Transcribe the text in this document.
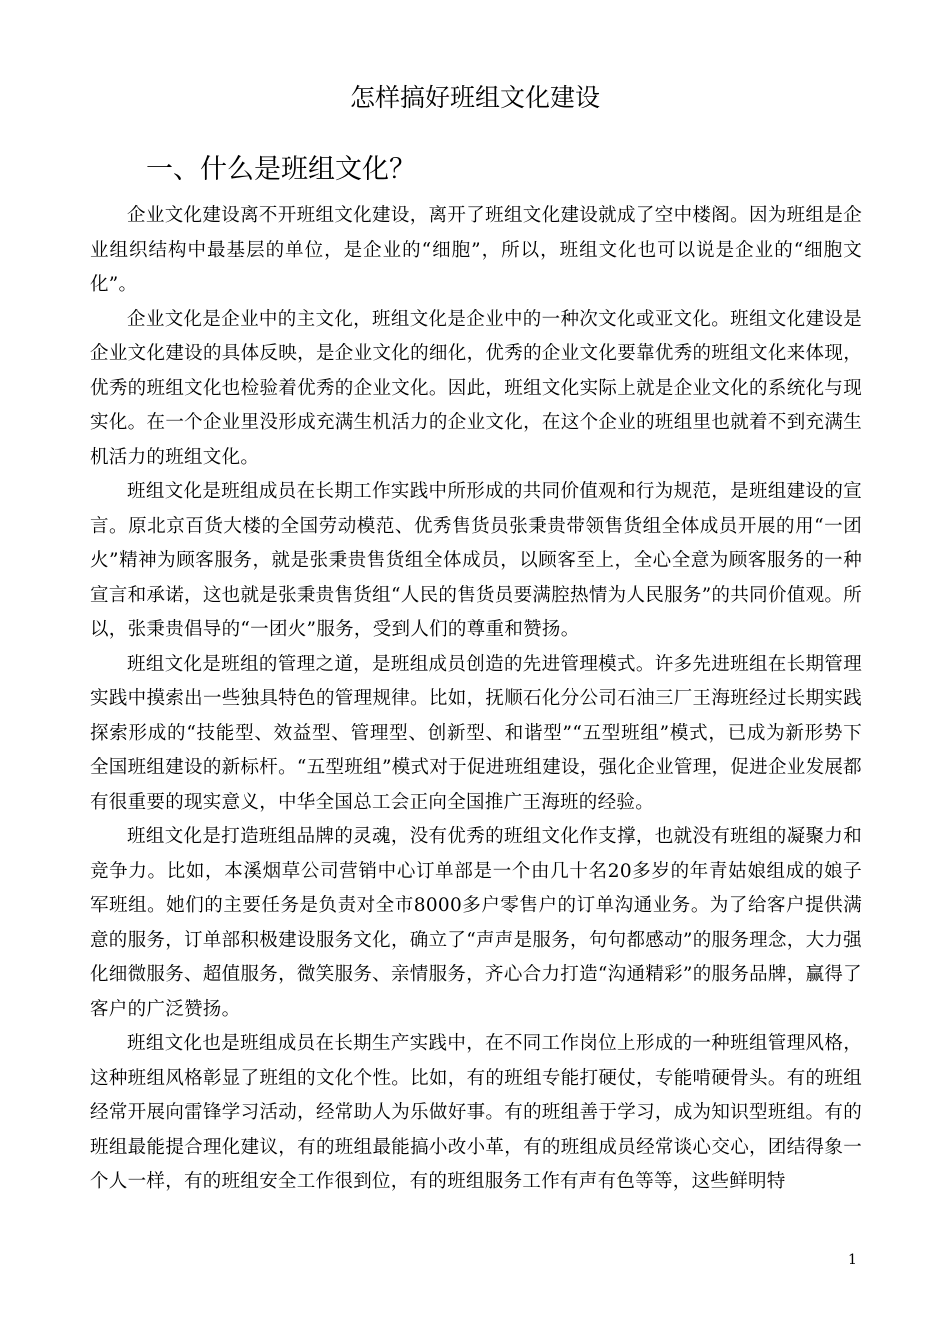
怎样搞好班组文化建设
一、什么是班组文化？

企业文化建设离不开班组文化建设，离开了班组文化建设就成了空中楼阁。因为班组是企业组织结构中最基层的单位，是企业的“细胞”，所以，班组文化也可以说是企业的“细胞文化”。

企业文化是企业中的主文化，班组文化是企业中的一种次文化或亚文化。班组文化建设是企业文化建设的具体反映，是企业文化的细化，优秀的企业文化要靠优秀的班组文化来体现，优秀的班组文化也检验着优秀的企业文化。因此，班组文化实际上就是企业文化的系统化与现实化。在一个企业里没形成充满生机活力的企业文化，在这个企业的班组里也就着不到充满生机活力的班组文化。

班组文化是班组成员在长期工作实践中所形成的共同价值观和行为规范，是班组建设的宣言。原北京百货大楼的全国劳动模范、优秀售货员张秉贵带领售货组全体成员开展的用“一团火”精神为顾客服务，就是张秉贵售货组全体成员，以顾客至上，全心全意为顾客服务的一种宣言和承诺，这也就是张秉贵售货组“人民的售货员要满腔热情为人民服务”的共同价值观。所以，张秉贵倡导的“一团火”服务，受到人们的尊重和赞扬。

班组文化是班组的管理之道，是班组成员创造的先进管理模式。许多先进班组在长期管理实践中摸索出一些独具特色的管理规律。比如，抚顺石化分公司石油三厂王海班经过长期实践探索形成的“技能型、效益型、管理型、创新型、和谐型”“五型班组”模式，已成为新形势下全国班组建设的新标杆。“五型班组”模式对于促进班组建设，强化企业管理，促进企业发展都有很重要的现实意义，中华全国总工会正向全国推广王海班的经验。

班组文化是打造班组品牌的灵魂，没有优秀的班组文化作支撑，也就没有班组的凝聚力和竞争力。比如，本溪烟草公司营销中心订单部是一个由几十名20多岁的年青姑娘组成的娘子军班组。她们的主要任务是负责对全市8000多户零售户的订单沟通业务。为了给客户提供满意的服务，订单部积极建设服务文化，确立了“声声是服务，句句都感动”的服务理念，大力强化细微服务、超值服务，微笑服务、亲情服务，齐心合力打造“沟通精彩”的服务品牌，赢得了客户的广泛赞扬。

班组文化也是班组成员在长期生产实践中，在不同工作岗位上形成的一种班组管理风格，这种班组风格彰显了班组的文化个性。比如，有的班组专能打硬仗，专能啃硬骨头。有的班组经常开展向雷锋学习活动，经常助人为乐做好事。有的班组善于学习，成为知识型班组。有的班组最能提合理化建议，有的班组最能搞小改小革，有的班组成员经常谈心交心，团结得象一个人一样，有的班组安全工作很到位，有的班组服务工作有声有色等等，这些鲜明特

1
